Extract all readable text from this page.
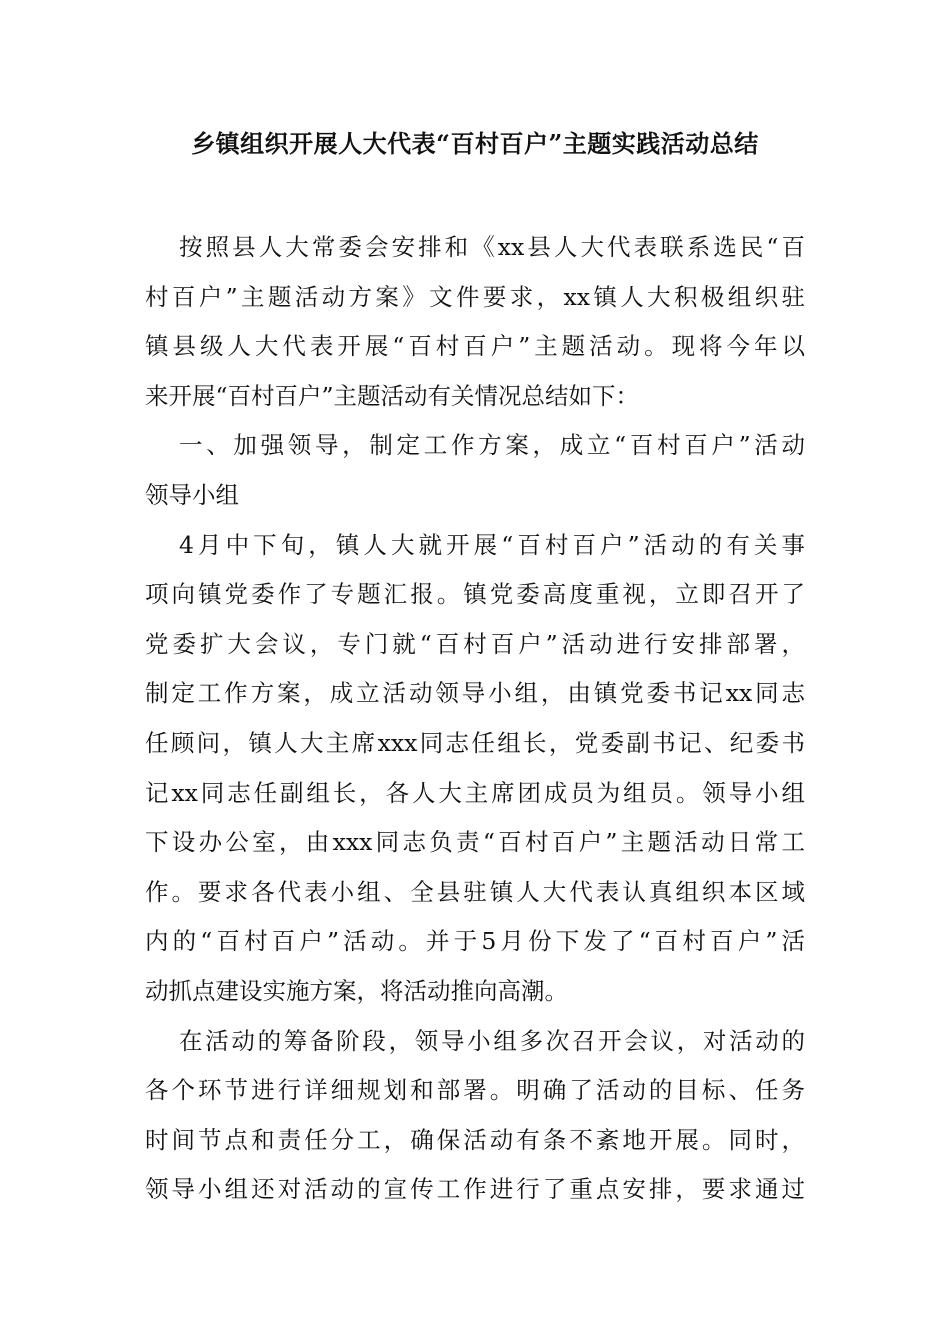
乡镇组织开展人大代表“百村百户”主题实践活动总结
按照县人大常委会安排和《xx县人大代表联系选民“百
村百户”主题活动方案》文件要求，xx镇人大积极组织驻
镇县级人大代表开展“百村百户”主题活动。现将今年以
来开展“百村百户”主题活动有关情况总结如下：
一、加强领导，制定工作方案，成立“百村百户”活动
领导小组
4月中下旬，镇人大就开展“百村百户”活动的有关事
项向镇党委作了专题汇报。镇党委高度重视，立即召开了
党委扩大会议，专门就“百村百户”活动进行安排部署，
制定工作方案，成立活动领导小组，由镇党委书记xx同志
任顾问，镇人大主席xxx同志任组长，党委副书记、纪委书
记xx同志任副组长，各人大主席团成员为组员。领导小组
下设办公室，由xxx同志负责“百村百户”主题活动日常工
作。要求各代表小组、全县驻镇人大代表认真组织本区域
内的“百村百户”活动。并于5月份下发了“百村百户”活
动抓点建设实施方案，将活动推向高潮。
在活动的筹备阶段，领导小组多次召开会议，对活动的
各个环节进行详细规划和部署。明确了活动的目标、任务
时间节点和责任分工，确保活动有条不紊地开展。同时，
领导小组还对活动的宣传工作进行了重点安排，要求通过
